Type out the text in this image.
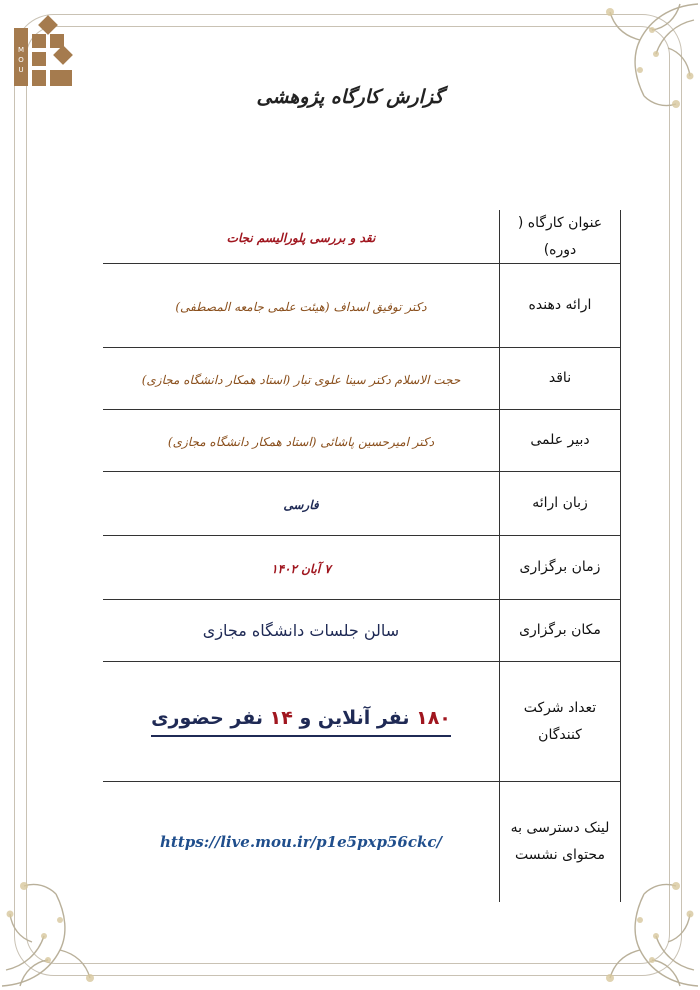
M
O
U
گزارش کارگاه پژوهشی
عنوان کارگاه ( دوره)	نقد و بررسی پلورالیسم نجات
ارائه دهنده	دکتر توفیق اسداف (هیئت علمی جامعه المصطفی)
ناقد	حجت الاسلام دکتر سینا علوی تبار (استاد همکار دانشگاه مجازی)
دبیر علمی	دکتر امیرحسین پاشائی (استاد همکار دانشگاه مجازی)
زبان ارائه	فارسی
زمان برگزاری	۷ آبان ۱۴۰۲
مکان برگزاری	سالن جلسات دانشگاه مجازی
تعداد شرکت کنندگان	۱۸۰ نفر آنلاین و ۱۴ نفر حضوری
لینک دسترسی به محتوای نشست	https://live.mou.ir/p1e5pxp56ckc/
